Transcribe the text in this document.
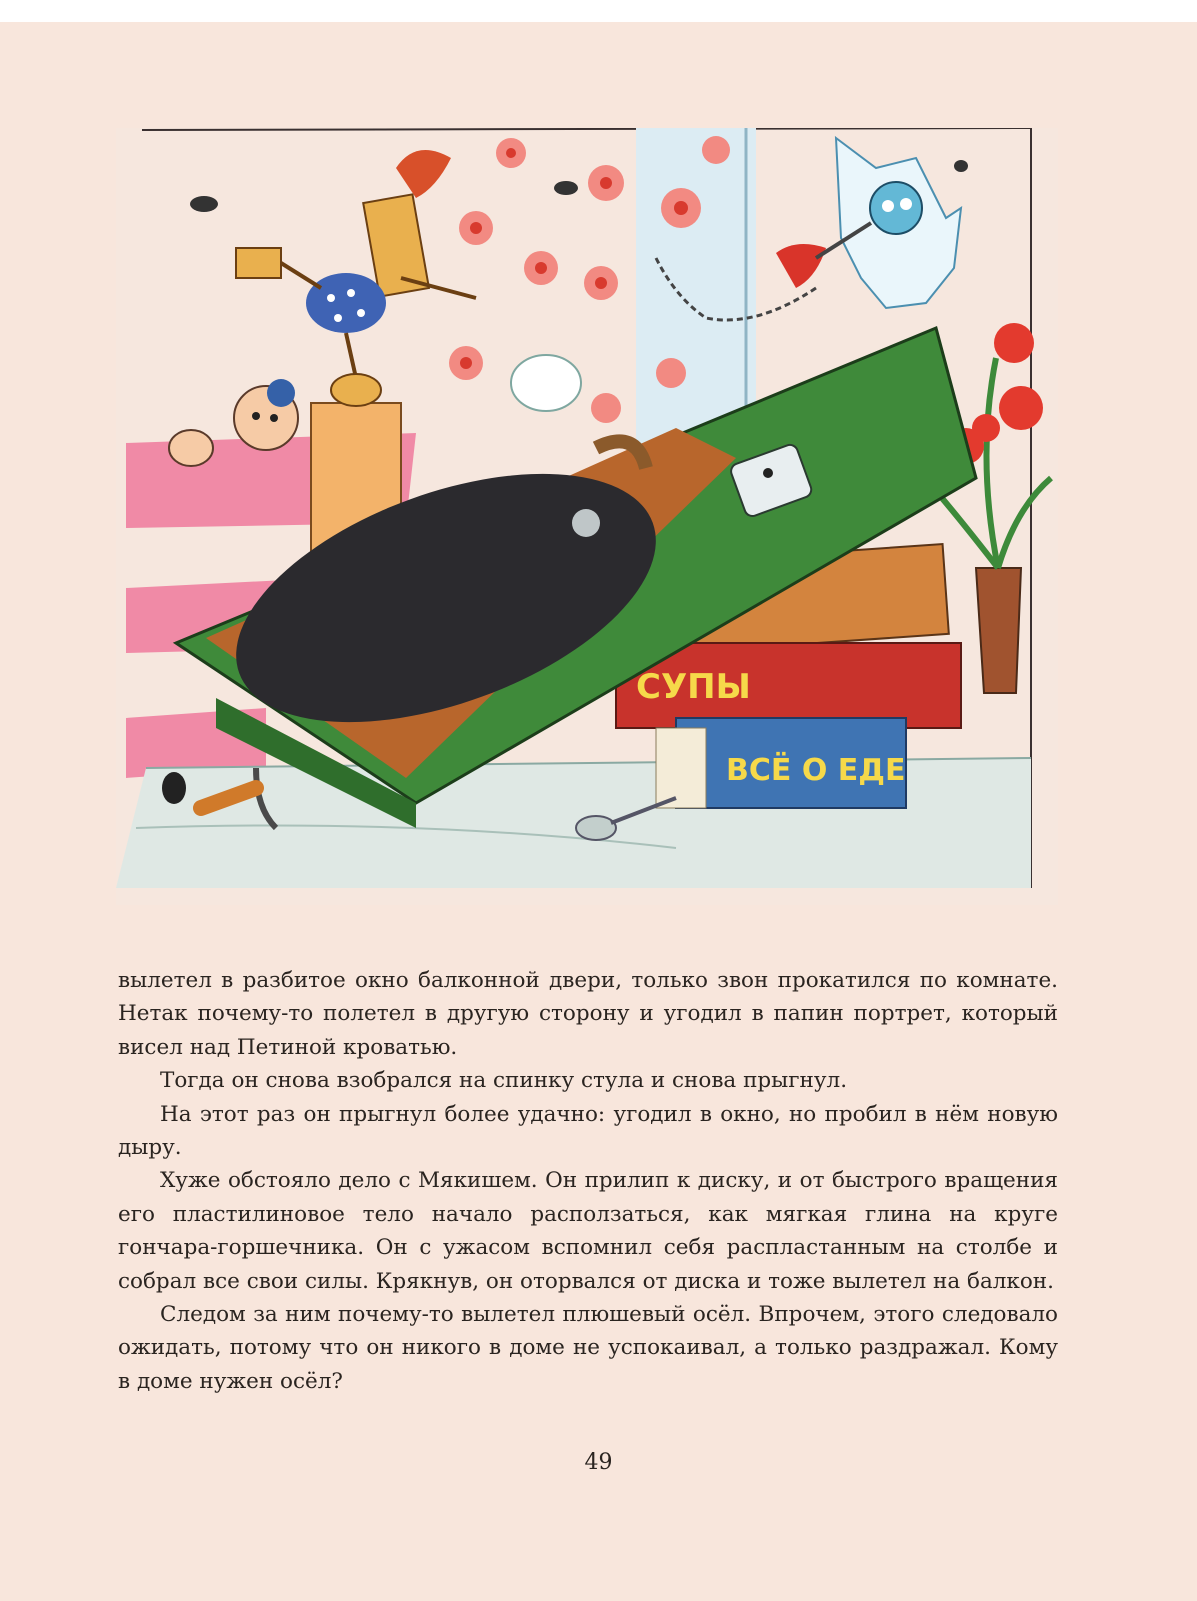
СУПЫ
ВСЁ О ЕДЕ

вылетел в разбитое окно балконной двери, только звон прокатился по комнате. Нетак почему-то полетел в другую сторону и угодил в папин портрет, который висел над Петиной кроватью.

Тогда он снова взобрался на спинку стула и снова прыгнул.

На этот раз он прыгнул более удачно: угодил в окно, но пробил в нём новую дыру.

Хуже обстояло дело с Мякишем. Он прилип к диску, и от быстрого вращения его пластилиновое тело начало расползаться, как мягкая глина на круге гончара-горшечника. Он с ужасом вспомнил себя распластанным на столбе и собрал все свои силы. Крякнув, он оторвался от диска и тоже вылетел на балкон.

Следом за ним почему-то вылетел плюшевый осёл. Впрочем, этого следовало ожидать, потому что он никого в доме не успокаивал, а только раздражал. Кому в доме нужен осёл?

49
